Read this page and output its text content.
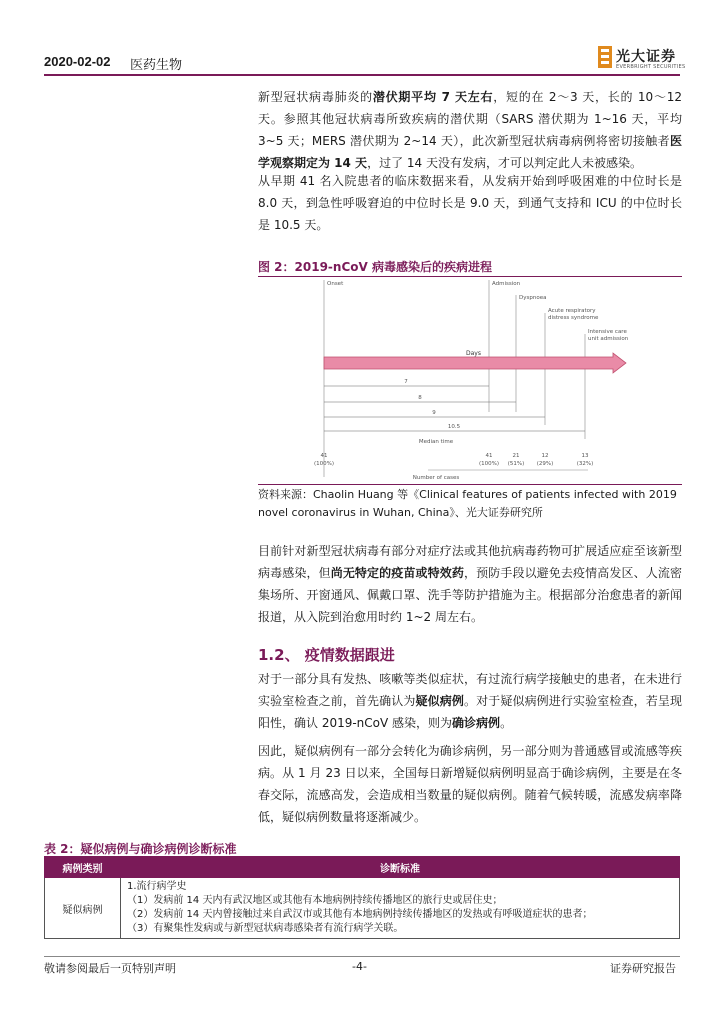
2020-02-02 医药生物
光大证券
EVERBRIGHT SECURITIES
新型冠状病毒肺炎的潜伏期平均 7 天左右，短的在 2～3 天，长的 10～12 天。参照其他冠状病毒所致疾病的潜伏期（SARS 潜伏期为 1~16 天，平均 3~5 天；MERS 潜伏期为 2~14 天），此次新型冠状病毒病例将密切接触者医学观察期定为 14 天，过了 14 天没有发病，才可以判定此人未被感染。
从早期 41 名入院患者的临床数据来看，从发病开始到呼吸困难的中位时长是 8.0 天，到急性呼吸窘迫的中位时长是 9.0 天，到通气支持和 ICU 的中位时长是 10.5 天。
图 2：2019-nCoV 病毒感染后的疾病进程
Onset	Admission
Dyspnoea
Acute respiratory
distress syndrome
Intensive care
unit admission
Days
7
8
9
10.5
Median time
41
(100%)
41
(100%)
21
(51%)
12
(29%)
13
(32%)
Number of cases
资料来源：Chaolin Huang 等《Clinical features of patients infected with 2019 novel coronavirus in Wuhan, China》、光大证券研究所
目前针对新型冠状病毒有部分对症疗法或其他抗病毒药物可扩展适应症至该新型病毒感染，但尚无特定的疫苗或特效药，预防手段以避免去疫情高发区、人流密集场所、开窗通风、佩戴口罩、洗手等防护措施为主。根据部分治愈患者的新闻报道，从入院到治愈用时约 1~2 周左右。
1.2、 疫情数据跟进
对于一部分具有发热、咳嗽等类似症状，有过流行病学接触史的患者，在未进行实验室检查之前，首先确认为疑似病例。对于疑似病例进行实验室检查，若呈现阳性，确认 2019-nCoV 感染，则为确诊病例。
因此，疑似病例有一部分会转化为确诊病例，另一部分则为普通感冒或流感等疾病。从 1 月 23 日以来，全国每日新增疑似病例明显高于确诊病例，主要是在冬春交际，流感高发，会造成相当数量的疑似病例。随着气候转暖，流感发病率降低，疑似病例数量将逐渐减少。
表 2：疑似病例与确诊病例诊断标准
病例类别	诊断标准
疑似病例	1.流行病学史
（1）发病前 14 天内有武汉地区或其他有本地病例持续传播地区的旅行史或居住史；
（2）发病前 14 天内曾接触过来自武汉市或其他有本地病例持续传播地区的发热或有呼吸道症状的患者；
（3）有聚集性发病或与新型冠状病毒感染者有流行病学关联。
敬请参阅最后一页特别声明	-4-	证券研究报告
